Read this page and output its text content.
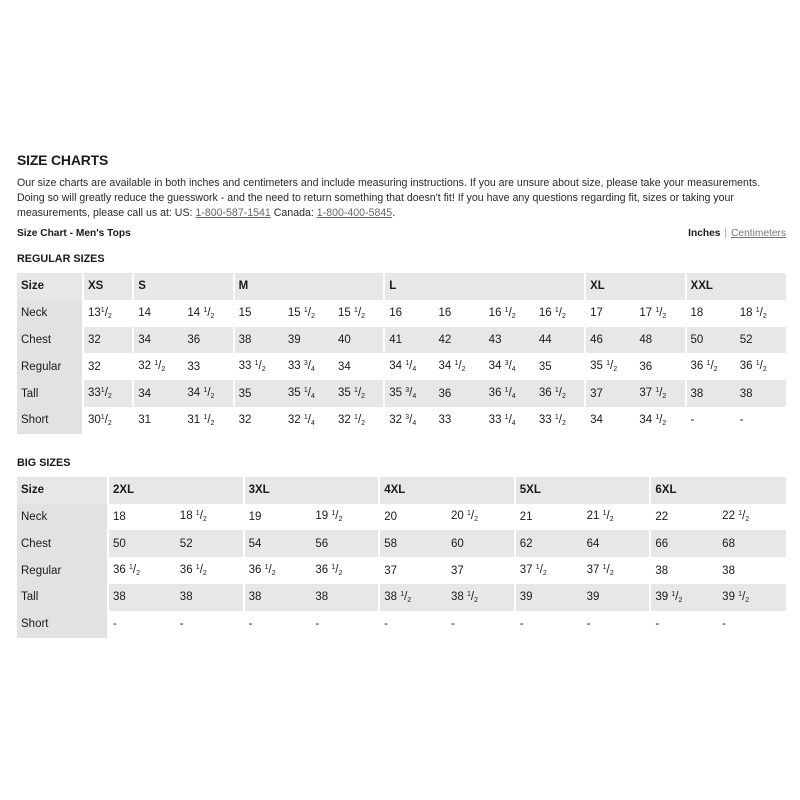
SIZE CHARTS
Our size charts are available in both inches and centimeters and include measuring instructions. If you are unsure about size, please take your measurements. Doing so will greatly reduce the guesswork - and the need to return something that doesn't fit! If you have any questions regarding fit, sizes or taking your measurements, please call us at: US: 1-800-587-1541 Canada: 1-800-400-5845.
Size Chart - Men's Tops	Inches | Centimeters
REGULAR SIZES
Size	XS	S		M			L				XL		XXL	
Neck	$13^1/_2$	14	14 $^1/_2$	15	15 $^1/_2$	15 $^1/_2$	16	16	16 $^1/_2$	16 $^1/_2$	17	17 $^1/_2$	18	18 $^1/_2$
Chest	32	34	36	38	39	40	41	42	43	44	46	48	50	52
Regular	32	32 $^1/_2$	33	33 $^1/_2$	33 $^3/_4$	34	34 $^1/_4$	34 $^1/_2$	34 $^3/_4$	35	35 $^1/_2$	36	36 $^1/_2$	36 $^1/_2$
Tall	$33^1/_2$	34	34 $^1/_2$	35	35 $^1/_4$	35 $^1/_2$	35 $^3/_4$	36	36 $^1/_4$	36 $^1/_2$	37	37 $^1/_2$	38	38
Short	$30^1/_2$	31	31 $^1/_2$	32	32 $^1/_4$	32 $^1/_2$	32 $^3/_4$	33	33 $^1/_4$	33 $^1/_2$	34	34 $^1/_2$	-	-
BIG SIZES
Size	2XL		3XL		4XL		5XL		6XL	
Neck	18	18 $^1/_2$	19	19 $^1/_2$	20	20 $^1/_2$	21	21 $^1/_2$	22	22 $^1/_2$
Chest	50	52	54	56	58	60	62	64	66	68
Regular	36 $^1/_2$	36 $^1/_2$	36 $^1/_2$	36 $^1/_2$	37	37	37 $^1/_2$	37 $^1/_2$	38	38
Tall	38	38	38	38	38 $^1/_2$	38 $^1/_2$	39	39	39 $^1/_2$	39 $^1/_2$
Short	-	-	-	-	-	-	-	-	-	-
